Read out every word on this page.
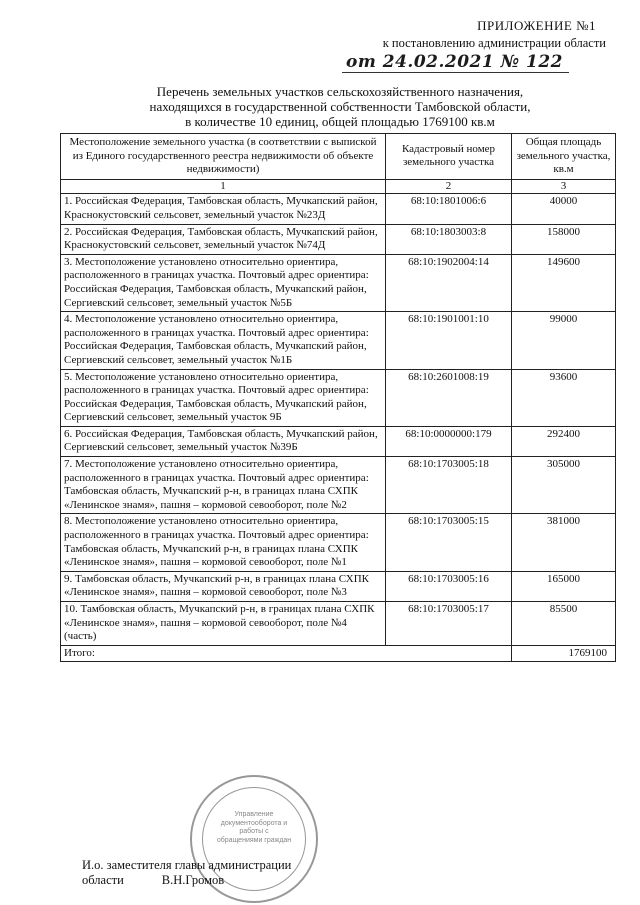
ПРИЛОЖЕНИЕ №1
к постановлению администрации области
от 24.02.2021 № 122
Перечень земельных участков сельскохозяйственного назначения,
находящихся в государственной собственности Тамбовской области,
в количестве 10 единиц, общей площадью 1769100 кв.м
Местоположение земельного участка (в соответствии с выпиской из Единого государственного реестра недвижимости об объекте недвижимости)	Кадастровый номер земельного участка	Общая площадь земельного участка, кв.м
1	2	3
1. Российская Федерация, Тамбовская область, Мучкапский район, Краснокустовский сельсовет, земельный участок №23Д	68:10:1801006:6	40000
2. Российская Федерация, Тамбовская область, Мучкапский район, Краснокустовский сельсовет, земельный участок №74Д	68:10:1803003:8	158000
3. Местоположение установлено относительно ориентира, расположенного в границах участка. Почтовый адрес ориентира: Российская Федерация, Тамбовская область, Мучкапский район, Сергиевский сельсовет, земельный участок №5Б	68:10:1902004:14	149600
4. Местоположение установлено относительно ориентира, расположенного в границах участка. Почтовый адрес ориентира: Российская Федерация, Тамбовская область, Мучкапский район, Сергиевский сельсовет, земельный участок №1Б	68:10:1901001:10	99000
5. Местоположение установлено относительно ориентира, расположенного в границах участка. Почтовый адрес ориентира: Российская Федерация, Тамбовская область, Мучкапский район, Сергиевский сельсовет, земельный участок 9Б	68:10:2601008:19	93600
6. Российская Федерация, Тамбовская область, Мучкапский район, Сергиевский сельсовет, земельный участок №39Б	68:10:0000000:179	292400
7. Местоположение установлено относительно ориентира, расположенного в границах участка. Почтовый адрес ориентира: Тамбовская область, Мучкапский р-н, в границах плана СХПК «Ленинское знамя», пашня – кормовой севооборот, поле №2	68:10:1703005:18	305000
8. Местоположение установлено относительно ориентира, расположенного в границах участка. Почтовый адрес ориентира: Тамбовская область, Мучкапский р-н, в границах плана СХПК «Ленинское знамя», пашня – кормовой севооборот, поле №1	68:10:1703005:15	381000
9. Тамбовская область, Мучкапский р-н, в границах плана СХПК «Ленинское знамя», пашня – кормовой севооборот, поле №3	68:10:1703005:16	165000
10. Тамбовская область, Мучкапский р-н, в границах плана СХПК «Ленинское знамя», пашня – кормовой севооборот, поле №4 (часть)	68:10:1703005:17	85500
Итого:		1769100
Управление документооборота и работы с обращениями граждан
И.о. заместителя главы администрации
области	В.Н.Громов
